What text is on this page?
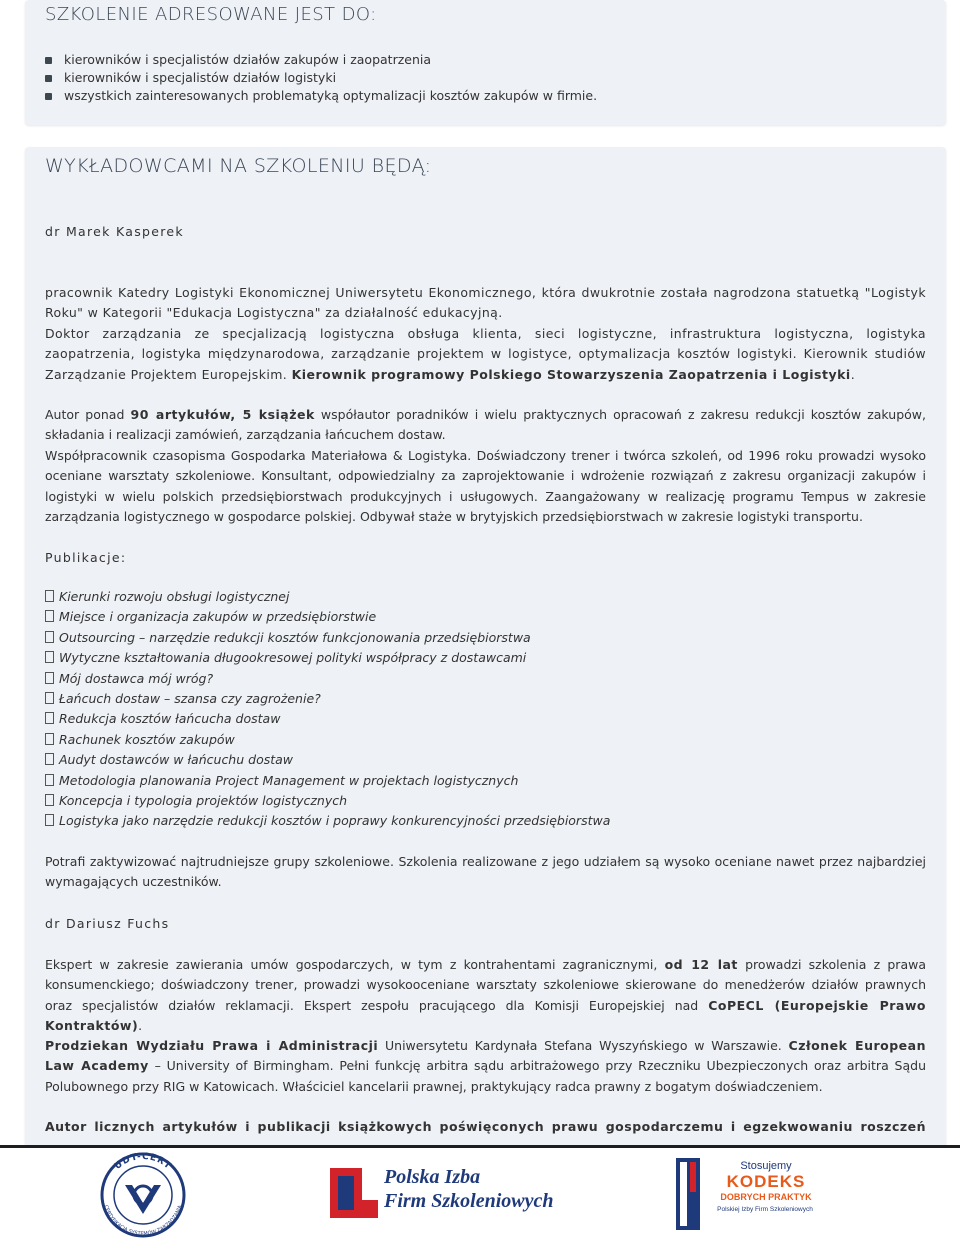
SZKOLENIE ADRESOWANE JEST DO:
kierowników i specjalistów działów zakupów i zaopatrzenia
kierowników i specjalistów działów logistyki
wszystkich zainteresowanych problematyką optymalizacji kosztów zakupów w firmie.
WYKŁADOWCAMI NA SZKOLENIU BĘDĄ:

dr Marek Kasperek

pracownik Katedry Logistyki Ekonomicznej Uniwersytetu Ekonomicznego, która dwukrotnie została nagrodzona statuetką "Logistyk Roku" w Kategorii "Edukacja Logistyczna" za działalność edukacyjną.

Doktor zarządzania ze specjalizacją logistyczna obsługa klienta, sieci logistyczne, infrastruktura logistyczna, logistyka zaopatrzenia, logistyka międzynarodowa, zarządzanie projektem w logistyce, optymalizacja kosztów logistyki. Kierownik studiów Zarządzanie Projektem Europejskim. Kierownik programowy Polskiego Stowarzyszenia Zaopatrzenia i Logistyki.

Autor ponad 90 artykułów, 5 książek współautor poradników i wielu praktycznych opracowań z zakresu redukcji kosztów zakupów, składania i realizacji zamówień, zarządzania łańcuchem dostaw.

Współpracownik czasopisma Gospodarka Materiałowa & Logistyka. Doświadczony trener i twórca szkoleń, od 1996 roku prowadzi wysoko oceniane warsztaty szkoleniowe. Konsultant, odpowiedzialny za zaprojektowanie i wdrożenie rozwiązań z zakresu organizacji zakupów i logistyki w wielu polskich przedsiębiorstwach produkcyjnych i usługowych. Zaangażowany w realizację programu Tempus w zakresie zarządzania logistycznego w gospodarce polskiej. Odbywał staże w brytyjskich przedsiębiorstwach w zakresie logistyki transportu.

Publikacje:

Kierunki rozwoju obsługi logistycznej
Miejsce i organizacja zakupów w przedsiębiorstwie
Outsourcing – narzędzie redukcji kosztów funkcjonowania przedsiębiorstwa
Wytyczne kształtowania długookresowej polityki współpracy z dostawcami
Mój dostawca mój wróg?
Łańcuch dostaw – szansa czy zagrożenie?
Redukcja kosztów łańcucha dostaw
Rachunek kosztów zakupów
Audyt dostawców w łańcuchu dostaw
Metodologia planowania Project Management w projektach logistycznych
Koncepcja i typologia projektów logistycznych
Logistyka jako narzędzie redukcji kosztów i poprawy konkurencyjności przedsiębiorstwa

Potrafi zaktywizować najtrudniejsze grupy szkoleniowe. Szkolenia realizowane z jego udziałem są wysoko oceniane nawet przez najbardziej wymagających uczestników.

dr Dariusz Fuchs

Ekspert w zakresie zawierania umów gospodarczych, w tym z kontrahentami zagranicznymi, od 12 lat prowadzi szkolenia z prawa konsumenckiego; doświadczony trener, prowadzi wysokooceniane warsztaty szkoleniowe skierowane do menedżerów działów prawnych oraz specjalistów działów reklamacji. Ekspert zespołu pracującego dla Komisji Europejskiej nad CoPECL (Europejskie Prawo Kontraktów).

Prodziekan Wydziału Prawa i Administracji Uniwersytetu Kardynała Stefana Wyszyńskiego w Warszawie. Członek European Law Academy – University of Birmingham. Pełni funkcję arbitra sądu arbitrażowego przy Rzeczniku Ubezpieczonych oraz arbitra Sądu Polubownego przy RIG w Katowicach. Właściciel kancelarii prawnej, praktykujący radca prawny z bogatym doświadczeniem.

Autor licznych artykułów i publikacji książkowych poświęconych prawu gospodarczemu i egzekwowaniu roszczeń

UDT-CERT
CERTYFIKACJA SYSTEMÓW ZARZĄDZANIA
Polska Izba
Firm Szkoleniowych
Stosujemy
KODEKS
DOBRYCH PRAKTYK
Polskiej Izby Firm Szkoleniowych
